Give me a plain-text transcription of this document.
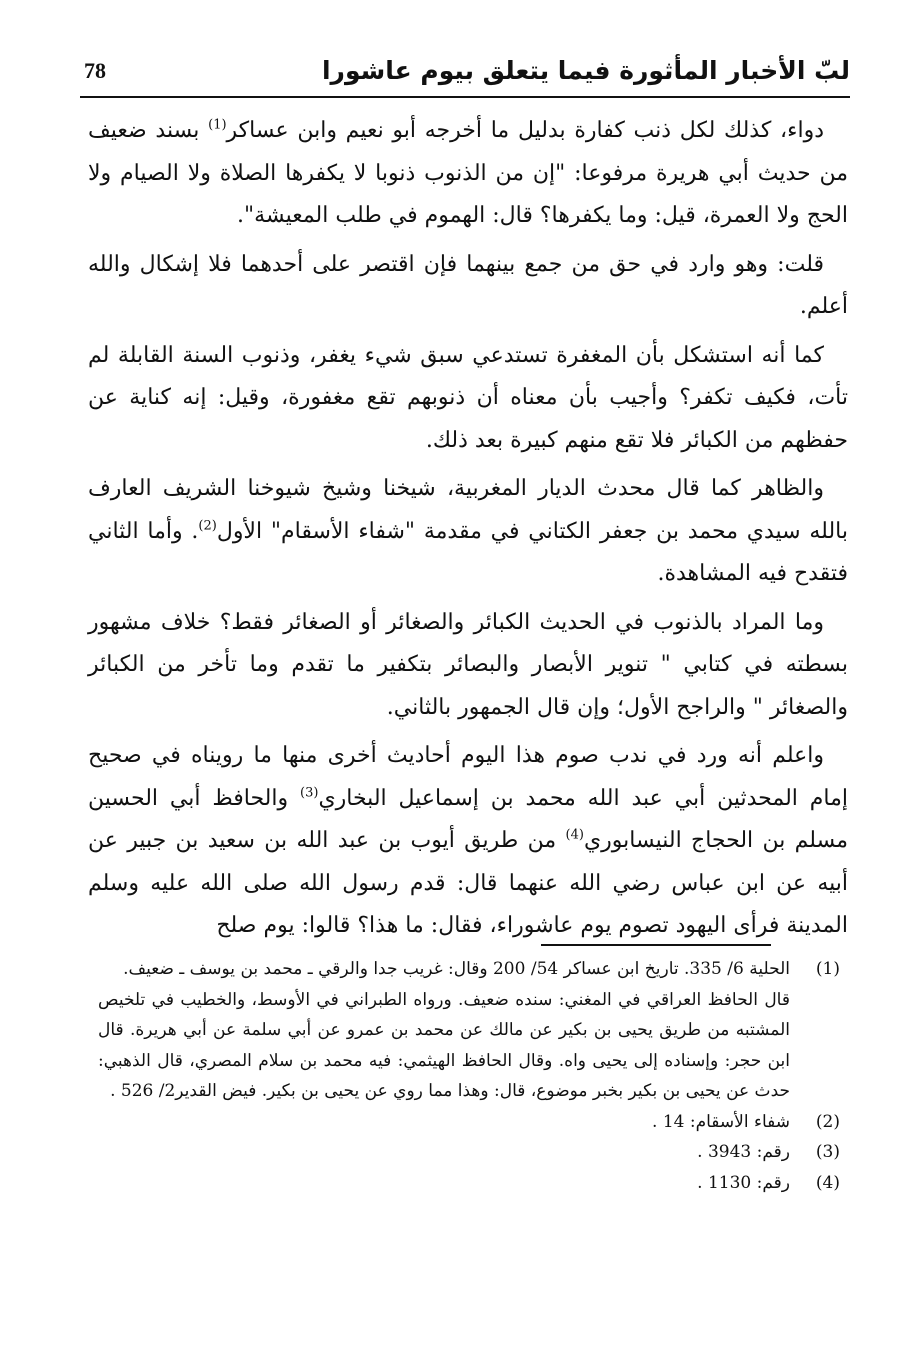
لبّ الأخبار المأثورة فيما يتعلق بيوم عاشورا
78

دواء، كذلك لكل ذنب كفارة بدليل ما أخرجه أبو نعيم وابن عساكر$^{(1)}$ بسند ضعيف من حديث أبي هريرة مرفوعا: "إن من الذنوب ذنوبا لا يكفرها الصلاة ولا الصيام ولا الحج ولا العمرة، قيل: وما يكفرها؟ قال: الهموم في طلب المعيشة".

قلت: وهو وارد في حق من جمع بينهما فإن اقتصر على أحدهما فلا إشكال والله أعلم.

كما أنه استشكل بأن المغفرة تستدعي سبق شيء يغفر، وذنوب السنة القابلة لم تأت، فكيف تكفر؟ وأجيب بأن معناه أن ذنوبهم تقع مغفورة، وقيل: إنه كناية عن حفظهم من الكبائر فلا تقع منهم كبيرة بعد ذلك.

والظاهر كما قال محدث الديار المغربية، شيخنا وشيخ شيوخنا الشريف العارف بالله سيدي محمد بن جعفر الكتاني في مقدمة "شفاء الأسقام" الأول$^{(2)}$. وأما الثاني فتقدح فيه المشاهدة.

وما المراد بالذنوب في الحديث الكبائر والصغائر أو الصغائر فقط؟ خلاف مشهور بسطته في كتابي " تنوير الأبصار والبصائر بتكفير ما تقدم وما تأخر من الكبائر والصغائر " والراجح الأول؛ وإن قال الجمهور بالثاني.

واعلم أنه ورد في ندب صوم هذا اليوم أحاديث أخرى منها ما رويناه في صحيح إمام المحدثين أبي عبد الله محمد بن إسماعيل البخاري$^{(3)}$ والحافظ أبي الحسين مسلم بن الحجاج النيسابوري$^{(4)}$ من طريق أيوب بن عبد الله بن سعيد بن جبير عن أبيه عن ابن عباس رضي الله عنهما قال: قدم رسول الله صلى الله عليه وسلم المدينة فرأى اليهود تصوم يوم عاشوراء، فقال: ما هذا؟ قالوا: يوم صلح

(1)
الحلية 6/ 335. تاريخ ابن عساكر 54/ 200 وقال: غريب جدا والرقي ـ محمد بن يوسف ـ ضعيف.
قال الحافظ العراقي في المغني: سنده ضعيف. ورواه الطبراني في الأوسط، والخطيب في تلخيص المشتبه من طريق يحيى بن بكير عن مالك عن محمد بن عمرو عن أبي سلمة عن أبي هريرة. قال ابن حجر: وإسناده إلى يحيى واه. وقال الحافظ الهيثمي: فيه محمد بن سلام المصري، قال الذهبي: حدث عن يحيى بن بكير بخبر موضوع، قال: وهذا مما روي عن يحيى بن بكير. فيض القدير2/ 526 .
(2)
شفاء الأسقام: 14 .
(3)
رقم: 3943 .
(4)
رقم: 1130 .
